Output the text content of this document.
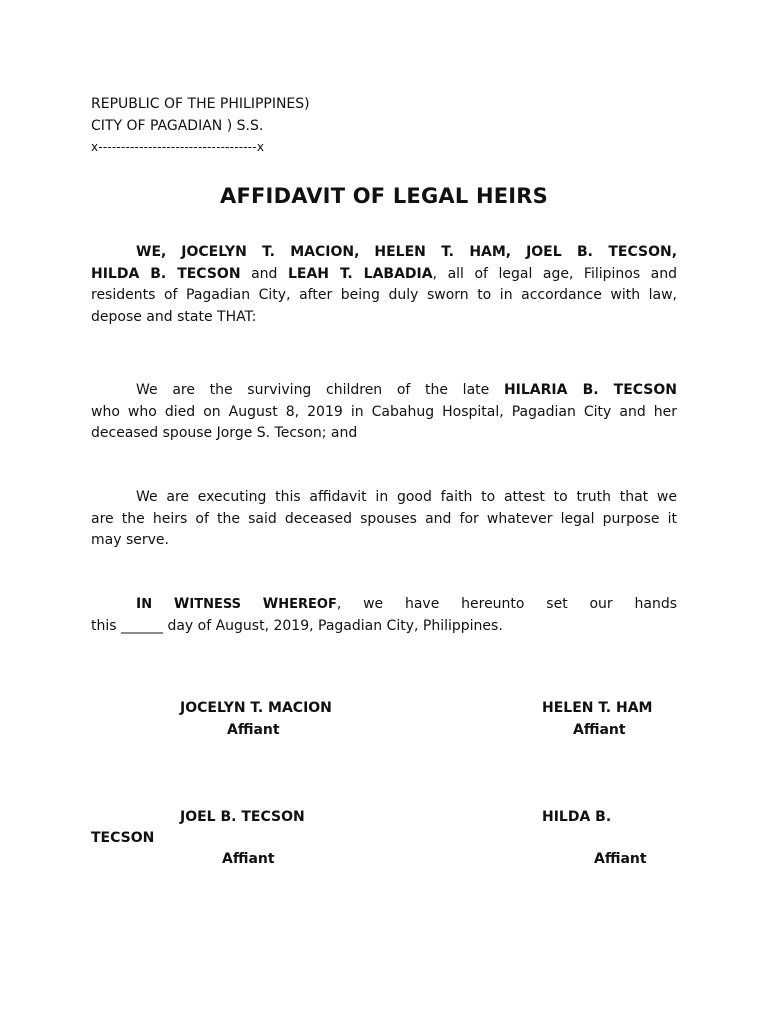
REPUBLIC OF THE PHILIPPINES)
CITY OF PAGADIAN ) S.S.
x-----------------------------------x
AFFIDAVIT OF LEGAL HEIRS
WE, JOCELYN T. MACION, HELEN T. HAM, JOEL B. TECSON,
HILDA B. TECSON and LEAH T. LABADIA, all of legal age, Filipinos and
residents of Pagadian City, after being duly sworn to in accordance with law,
depose and state THAT:
We are the surviving children of the late HILARIA B. TECSON
who who died on August 8, 2019 in Cabahug Hospital, Pagadian City and her
deceased spouse Jorge S. Tecson; and
We are executing this affidavit in good faith to attest to truth that we
are the heirs of the said deceased spouses and for whatever legal purpose it
may serve.
IN WITNESS WHEREOF, we have hereunto set our hands
this ______ day of August, 2019, Pagadian City, Philippines.
JOCELYN T. MACION
Affiant
HELEN T. HAM
Affiant
JOEL B. TECSON
Affiant
HILDA B.
TECSON
Affiant
